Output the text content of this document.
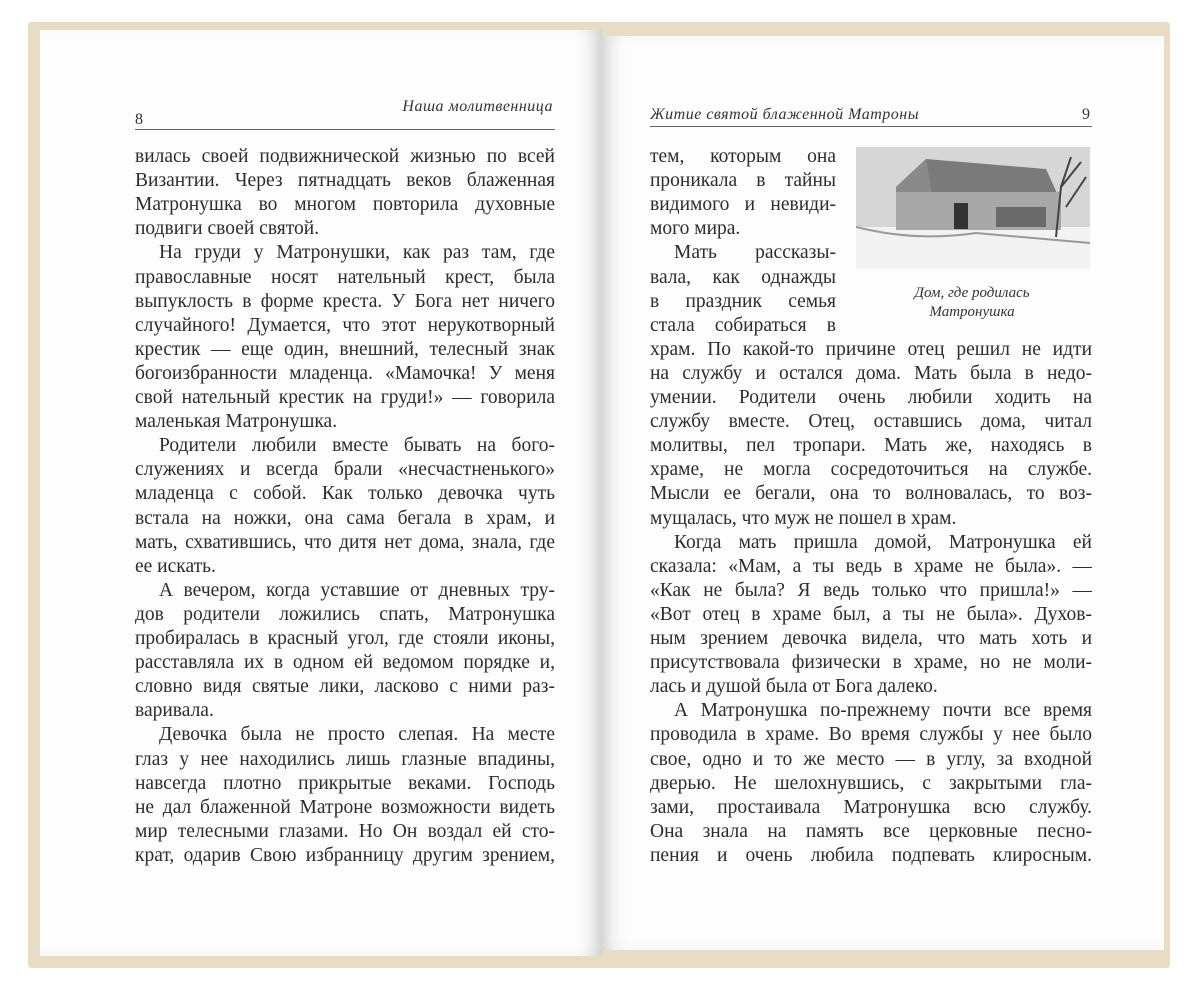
8
Наша молитвенница	Житие святой блаженной Матроны	9
Дом, где родилась
Матронушка
вилась своей подвижнической жизнью по всей
Византии. Через пятнадцать веков блаженная
Матронушка во многом повторила духовные
подвиги своей святой.
На груди у Матронушки, как раз там, где
православные носят нательный крест, была
выпуклость в форме креста. У Бога нет ничего
случайного! Думается, что этот нерукотворный
крестик — еще один, внешний, телесный знак
богоизбранности младенца. «Мамочка! У меня
свой нательный крестик на груди!» — говорила
маленькая Матронушка.
Родители любили вместе бывать на бого-
служениях и всегда брали «несчастненького»
младенца с собой. Как только девочка чуть
встала на ножки, она сама бегала в храм, и
мать, схватившись, что дитя нет дома, знала, где
ее искать.
А вечером, когда уставшие от дневных тру-
дов родители ложились спать, Матронушка
пробиралась в красный угол, где стояли иконы,
расставляла их в одном ей ведомом порядке и,
словно видя святые лики, ласково с ними раз-
варивала.
Девочка была не просто слепая. На месте
глаз у нее находились лишь глазные впадины,
навсегда плотно прикрытые веками. Господь
не дал блаженной Матроне возможности видеть
мир телесными глазами. Но Он воздал ей сто-
крат, одарив Свою избранницу другим зрением,
тем, которым она
проникала в тайны
видимого и невиди-
мого мира.
Мать рассказы-
вала, как однажды
в праздник семья
стала собираться в
храм. По какой-то причине отец решил не идти
на службу и остался дома. Мать была в недо-
умении. Родители очень любили ходить на
службу вместе. Отец, оставшись дома, читал
молитвы, пел тропари. Мать же, находясь в
храме, не могла сосредоточиться на службе.
Мысли ее бегали, она то волновалась, то воз-
мущалась, что муж не пошел в храм.
Когда мать пришла домой, Матронушка ей
сказала: «Мам, а ты ведь в храме не была». —
«Как не была? Я ведь только что пришла!» —
«Вот отец в храме был, а ты не была». Духов-
ным зрением девочка видела, что мать хоть и
присутствовала физически в храме, но не моли-
лась и душой была от Бога далеко.
А Матронушка по-прежнему почти все время
проводила в храме. Во время службы у нее было
свое, одно и то же место — в углу, за входной
дверью. Не шелохнувшись, с закрытыми гла-
зами, простаивала Матронушка всю службу.
Она знала на память все церковные песно-
пения и очень любила подпевать клиросным.
